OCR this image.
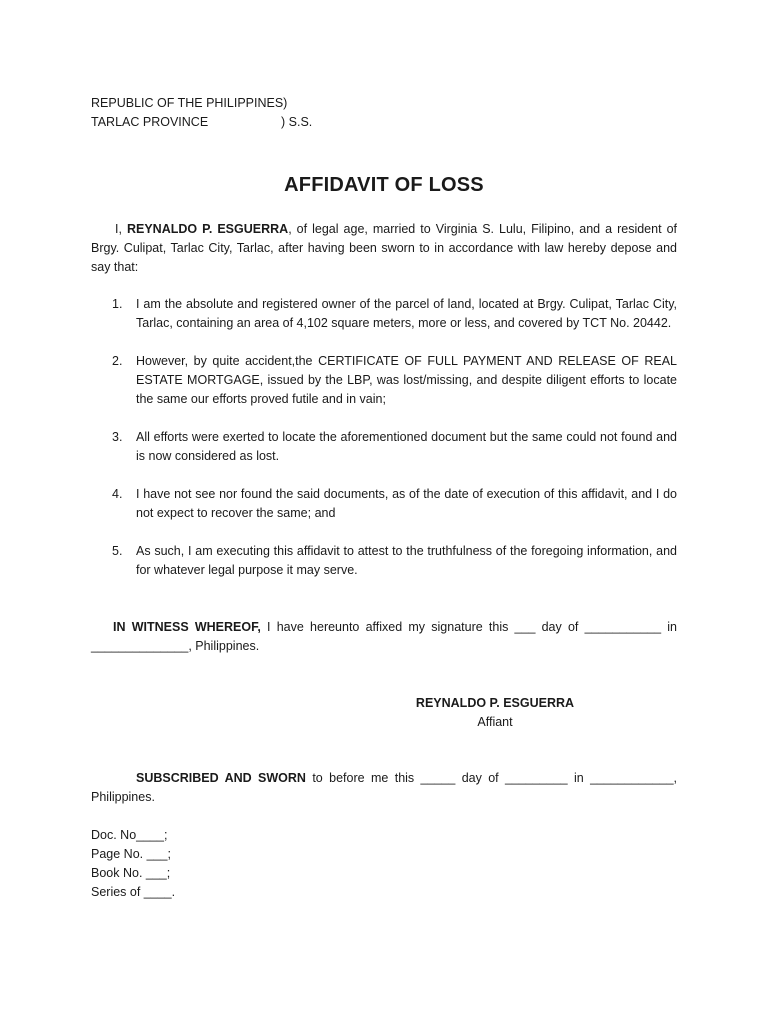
REPUBLIC OF THE PHILIPPINES)
TARLAC PROVINCE	) S.S.
AFFIDAVIT OF LOSS
I, REYNALDO P. ESGUERRA, of legal age, married to Virginia S. Lulu, Filipino, and a resident of Brgy. Culipat, Tarlac City, Tarlac, after having been sworn to in accordance with law hereby depose and say that:
1. I am the absolute and registered owner of the parcel of land, located at Brgy. Culipat, Tarlac City, Tarlac, containing an area of 4,102 square meters, more or less, and covered by TCT No. 20442.
2. However, by quite accident,the CERTIFICATE OF FULL PAYMENT AND RELEASE OF REAL ESTATE MORTGAGE, issued by the LBP, was lost/missing, and despite diligent efforts to locate the same our efforts proved futile and in vain;
3. All efforts were exerted to locate the aforementioned document but the same could not found and is now considered as lost.
4. I have not see nor found the said documents, as of the date of execution of this affidavit, and I do not expect to recover the same; and
5. As such, I am executing this affidavit to attest to the truthfulness of the foregoing information, and for whatever legal purpose it may serve.
IN WITNESS WHEREOF, I have hereunto affixed my signature this ___ day of ___________ in ______________, Philippines.
REYNALDO P. ESGUERRA
Affiant
SUBSCRIBED AND SWORN to before me this _____ day of _________ in ____________, Philippines.
Doc. No____;
Page No. ___;
Book No. ___;
Series of ____.
